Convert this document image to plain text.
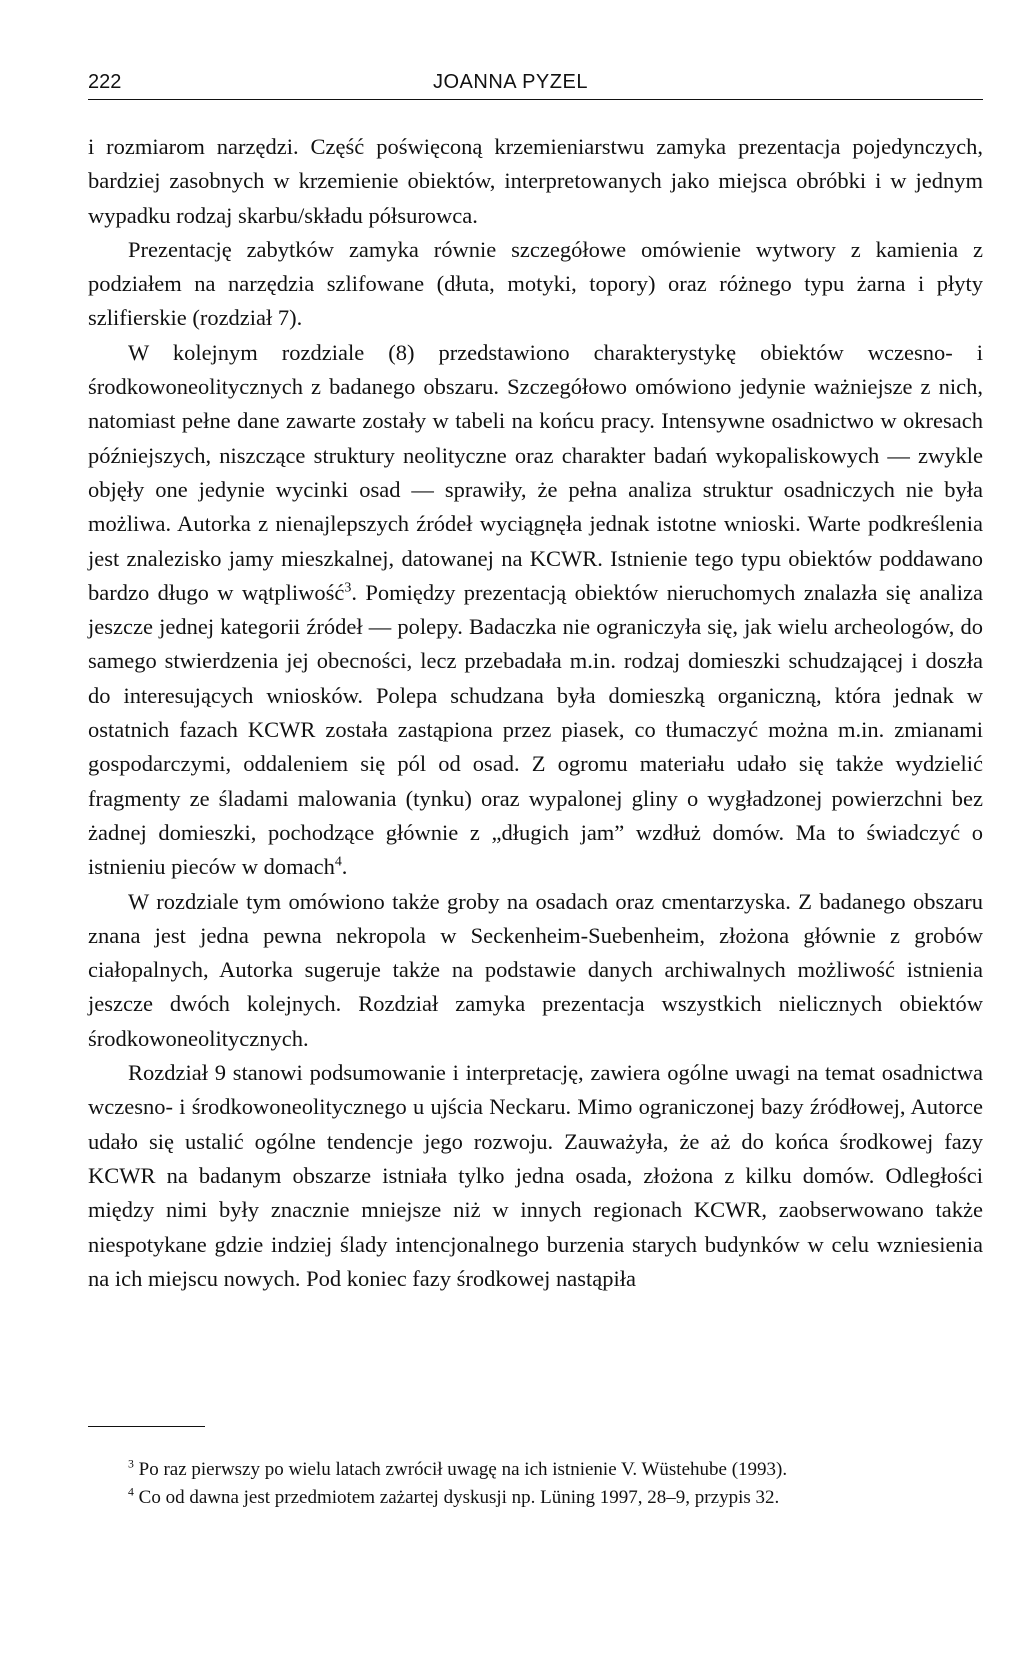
222	JOANNA PYZEL

i rozmiarom narzędzi. Część poświęconą krzemieniarstwu zamyka prezentacja pojedynczych, bardziej zasobnych w krzemienie obiektów, interpretowanych jako miejsca obróbki i w jednym wypadku rodzaj skarbu/składu półsurowca.

Prezentację zabytków zamyka równie szczegółowe omówienie wytwory z kamienia z podziałem na narzędzia szlifowane (dłuta, motyki, topory) oraz różnego typu żarna i płyty szlifierskie (rozdział 7).

W kolejnym rozdziale (8) przedstawiono charakterystykę obiektów wczesno- i środkowoneolitycznych z badanego obszaru. Szczegółowo omówiono jedynie ważniejsze z nich, natomiast pełne dane zawarte zostały w tabeli na końcu pracy. Intensywne osadnictwo w okresach późniejszych, niszczące struktury neolityczne oraz charakter badań wykopaliskowych — zwykle objęły one jedynie wycinki osad — sprawiły, że pełna analiza struktur osadniczych nie była możliwa. Autorka z nienajlepszych źródeł wyciągnęła jednak istotne wnioski. Warte podkreślenia jest znalezisko jamy mieszkalnej, datowanej na KCWR. Istnienie tego typu obiektów poddawano bardzo długo w wątpliwość$^3$. Pomiędzy prezentacją obiektów nieruchomych znalazła się analiza jeszcze jednej kategorii źródeł — polepy. Badaczka nie ograniczyła się, jak wielu archeologów, do samego stwierdzenia jej obecności, lecz przebadała m.in. rodzaj domieszki schudzającej i doszła do interesujących wniosków. Polepa schudzana była domieszką organiczną, która jednak w ostatnich fazach KCWR została zastąpiona przez piasek, co tłumaczyć można m.in. zmianami gospodarczymi, oddaleniem się pól od osad. Z ogromu materiału udało się także wydzielić fragmenty ze śladami malowania (tynku) oraz wypalonej gliny o wygładzonej powierzchni bez żadnej domieszki, pochodzące głównie z „długich jam” wzdłuż domów. Ma to świadczyć o istnieniu pieców w domach$^4$.

W rozdziale tym omówiono także groby na osadach oraz cmentarzyska. Z badanego obszaru znana jest jedna pewna nekropola w Seckenheim-Suebenheim, złożona głównie z grobów ciałopalnych, Autorka sugeruje także na podstawie danych archiwalnych możliwość istnienia jeszcze dwóch kolejnych. Rozdział zamyka prezentacja wszystkich nielicznych obiektów środkowoneolitycznych.

Rozdział 9 stanowi podsumowanie i interpretację, zawiera ogólne uwagi na temat osadnictwa wczesno- i środkowoneolitycznego u ujścia Neckaru. Mimo ograniczonej bazy źródłowej, Autorce udało się ustalić ogólne tendencje jego rozwoju. Zauważyła, że aż do końca środkowej fazy KCWR na badanym obszarze istniała tylko jedna osada, złożona z kilku domów. Odległości między nimi były znacznie mniejsze niż w innych regionach KCWR, zaobserwowano także niespotykane gdzie indziej ślady intencjonalnego burzenia starych budynków w celu wzniesienia na ich miejscu nowych. Pod koniec fazy środkowej nastąpiła

$^3$ Po raz pierwszy po wielu latach zwrócił uwagę na ich istnienie V. Wüstehube (1993).

$^4$ Co od dawna jest przedmiotem zażartej dyskusji np. Lüning 1997, 28–9, przypis 32.
